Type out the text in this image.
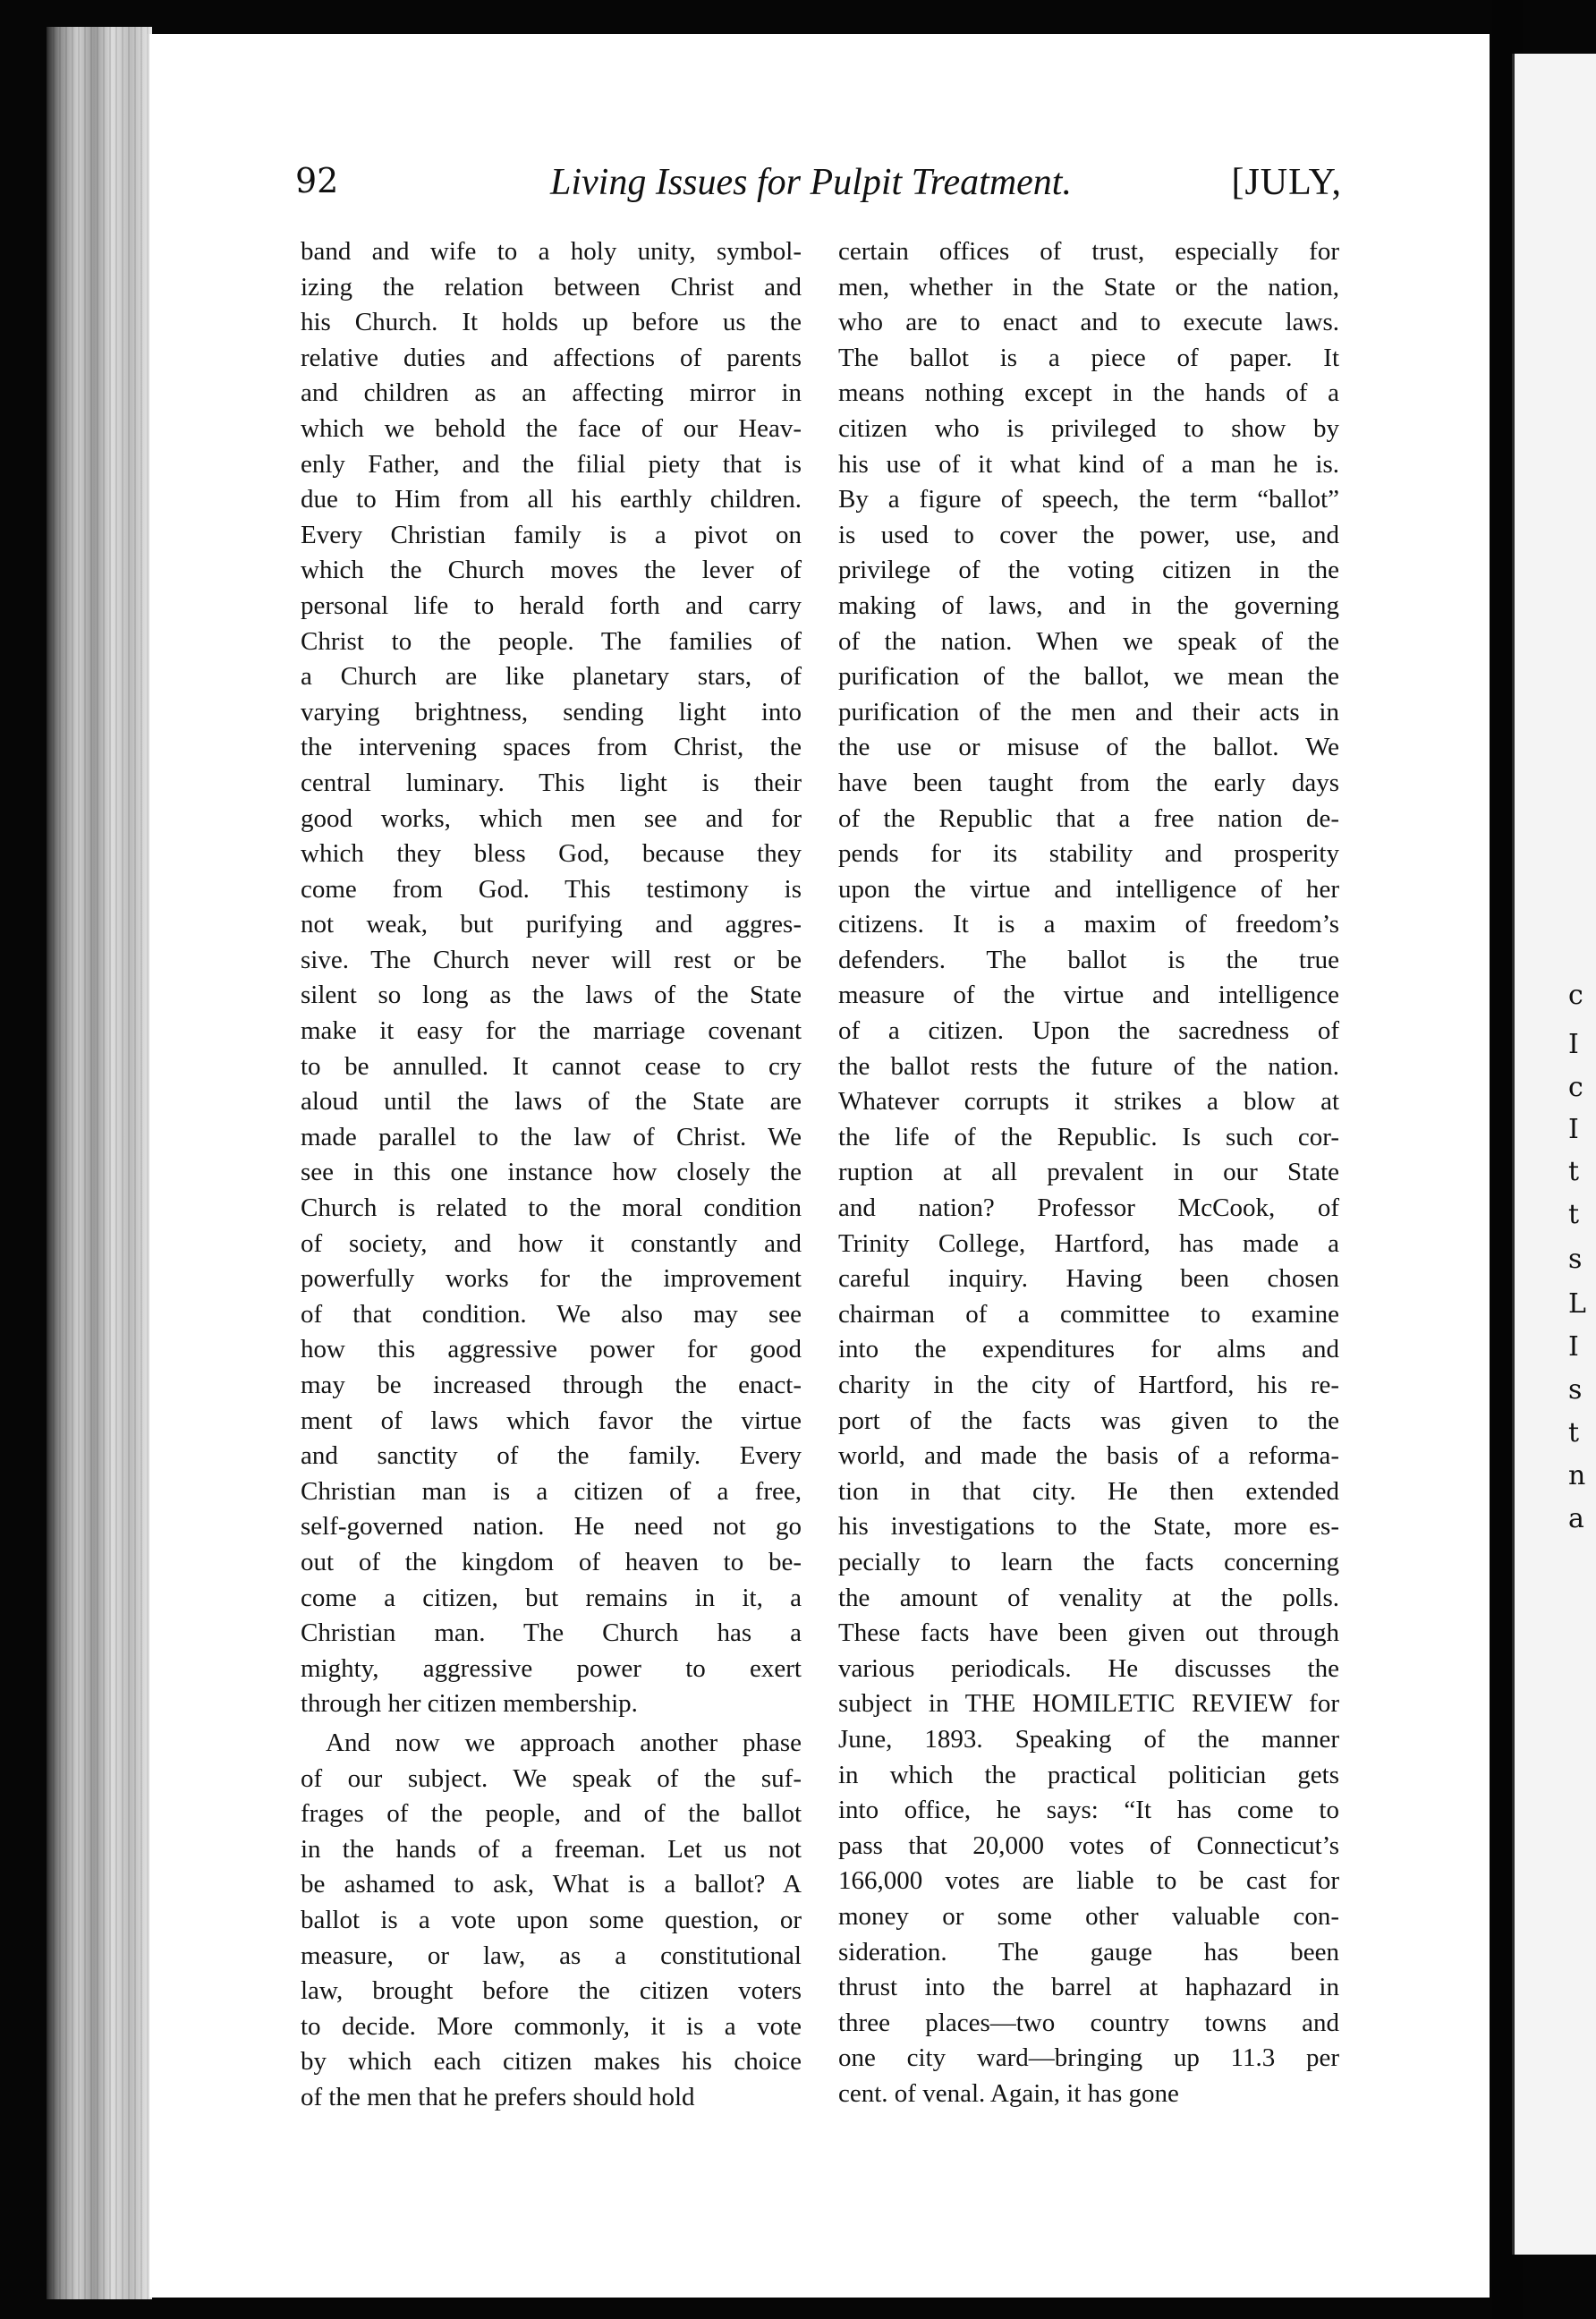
c
I
c
I
t
t
s
L
I
s
t
n
a
92	Living Issues for Pulpit Treatment.	[JULY,
band and wife to a holy unity, symbol-
izing the relation between Christ and
his Church. It holds up before us the
relative duties and affections of parents
and children as an affecting mirror in
which we behold the face of our Heav-
enly Father, and the filial piety that is
due to Him from all his earthly children.
Every Christian family is a pivot on
which the Church moves the lever of
personal life to herald forth and carry
Christ to the people. The families of
a Church are like planetary stars, of
varying brightness, sending light into
the intervening spaces from Christ, the
central luminary. This light is their
good works, which men see and for
which they bless God, because they
come from God. This testimony is
not weak, but purifying and aggres-
sive. The Church never will rest or be
silent so long as the laws of the State
make it easy for the marriage covenant
to be annulled. It cannot cease to cry
aloud until the laws of the State are
made parallel to the law of Christ. We
see in this one instance how closely the
Church is related to the moral condition
of society, and how it constantly and
powerfully works for the improvement
of that condition. We also may see
how this aggressive power for good
may be increased through the enact-
ment of laws which favor the virtue
and sanctity of the family. Every
Christian man is a citizen of a free,
self-governed nation. He need not go
out of the kingdom of heaven to be-
come a citizen, but remains in it, a
Christian man. The Church has a
mighty, aggressive power to exert
through her citizen membership.
And now we approach another phase
of our subject. We speak of the suf-
frages of the people, and of the ballot
in the hands of a freeman. Let us not
be ashamed to ask, What is a ballot? A
ballot is a vote upon some question, or
measure, or law, as a constitutional
law, brought before the citizen voters
to decide. More commonly, it is a vote
by which each citizen makes his choice
of the men that he prefers should hold
certain offices of trust, especially for
men, whether in the State or the nation,
who are to enact and to execute laws.
The ballot is a piece of paper. It
means nothing except in the hands of a
citizen who is privileged to show by
his use of it what kind of a man he is.
By a figure of speech, the term “ballot”
is used to cover the power, use, and
privilege of the voting citizen in the
making of laws, and in the governing
of the nation. When we speak of the
purification of the ballot, we mean the
purification of the men and their acts in
the use or misuse of the ballot. We
have been taught from the early days
of the Republic that a free nation de-
pends for its stability and prosperity
upon the virtue and intelligence of her
citizens. It is a maxim of freedom’s
defenders. The ballot is the true
measure of the virtue and intelligence
of a citizen. Upon the sacredness of
the ballot rests the future of the nation.
Whatever corrupts it strikes a blow at
the life of the Republic. Is such cor-
ruption at all prevalent in our State
and nation? Professor McCook, of
Trinity College, Hartford, has made a
careful inquiry. Having been chosen
chairman of a committee to examine
into the expenditures for alms and
charity in the city of Hartford, his re-
port of the facts was given to the
world, and made the basis of a reforma-
tion in that city. He then extended
his investigations to the State, more es-
pecially to learn the facts concerning
the amount of venality at the polls.
These facts have been given out through
various periodicals. He discusses the
subject in THE HOMILETIC REVIEW for
June, 1893. Speaking of the manner
in which the practical politician gets
into office, he says: “It has come to
pass that 20,000 votes of Connecticut’s
166,000 votes are liable to be cast for
money or some other valuable con-
sideration. The gauge has been
thrust into the barrel at haphazard in
three places—two country towns and
one city ward—bringing up 11.3 per
cent. of venal. Again, it has gone
